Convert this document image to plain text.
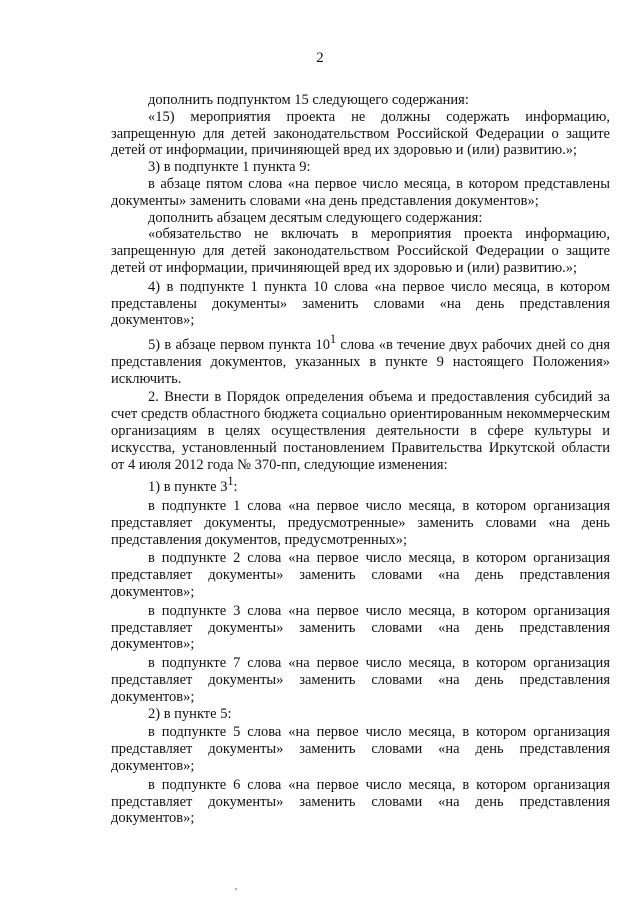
2

дополнить подпунктом 15 следующего содержания:

«15) мероприятия проекта не должны содержать информацию, запрещенную для детей законодательством Российской Федерации о защите детей от информации, причиняющей вред их здоровью и (или) развитию.»;

3) в подпункте 1 пункта 9:

в абзаце пятом слова «на первое число месяца, в котором представлены документы» заменить словами «на день представления документов»;

дополнить абзацем десятым следующего содержания:

«обязательство не включать в мероприятия проекта информацию, запрещенную для детей законодательством Российской Федерации о защите детей от информации, причиняющей вред их здоровью и (или) развитию.»;

4) в подпункте 1 пункта 10 слова «на первое число месяца, в котором представлены документы» заменить словами «на день представления документов»;

5) в абзаце первом пункта $10^1$ слова «в течение двух рабочих дней со дня представления документов, указанных в пункте 9 настоящего Положения» исключить.

2. Внести в Порядок определения объема и предоставления субсидий за счет средств областного бюджета социально ориентированным некоммерческим организациям в целях осуществления деятельности в сфере культуры и искусства, установленный постановлением Правительства Иркутской области от 4 июля 2012 года № 370-пп, следующие изменения:

1) в пункте $3^1$:

в подпункте 1 слова «на первое число месяца, в котором организация представляет документы, предусмотренные» заменить словами «на день представления документов, предусмотренных»;

в подпункте 2 слова «на первое число месяца, в котором организация представляет документы» заменить словами «на день представления документов»;

в подпункте 3 слова «на первое число месяца, в котором организация представляет документы» заменить словами «на день представления документов»;

в подпункте 7 слова «на первое число месяца, в котором организация представляет документы» заменить словами «на день представления документов»;

2) в пункте 5:

в подпункте 5 слова «на первое число месяца, в котором организация представляет документы» заменить словами «на день представления документов»;

в подпункте 6 слова «на первое число месяца, в котором организация представляет документы» заменить словами «на день представления документов»;
